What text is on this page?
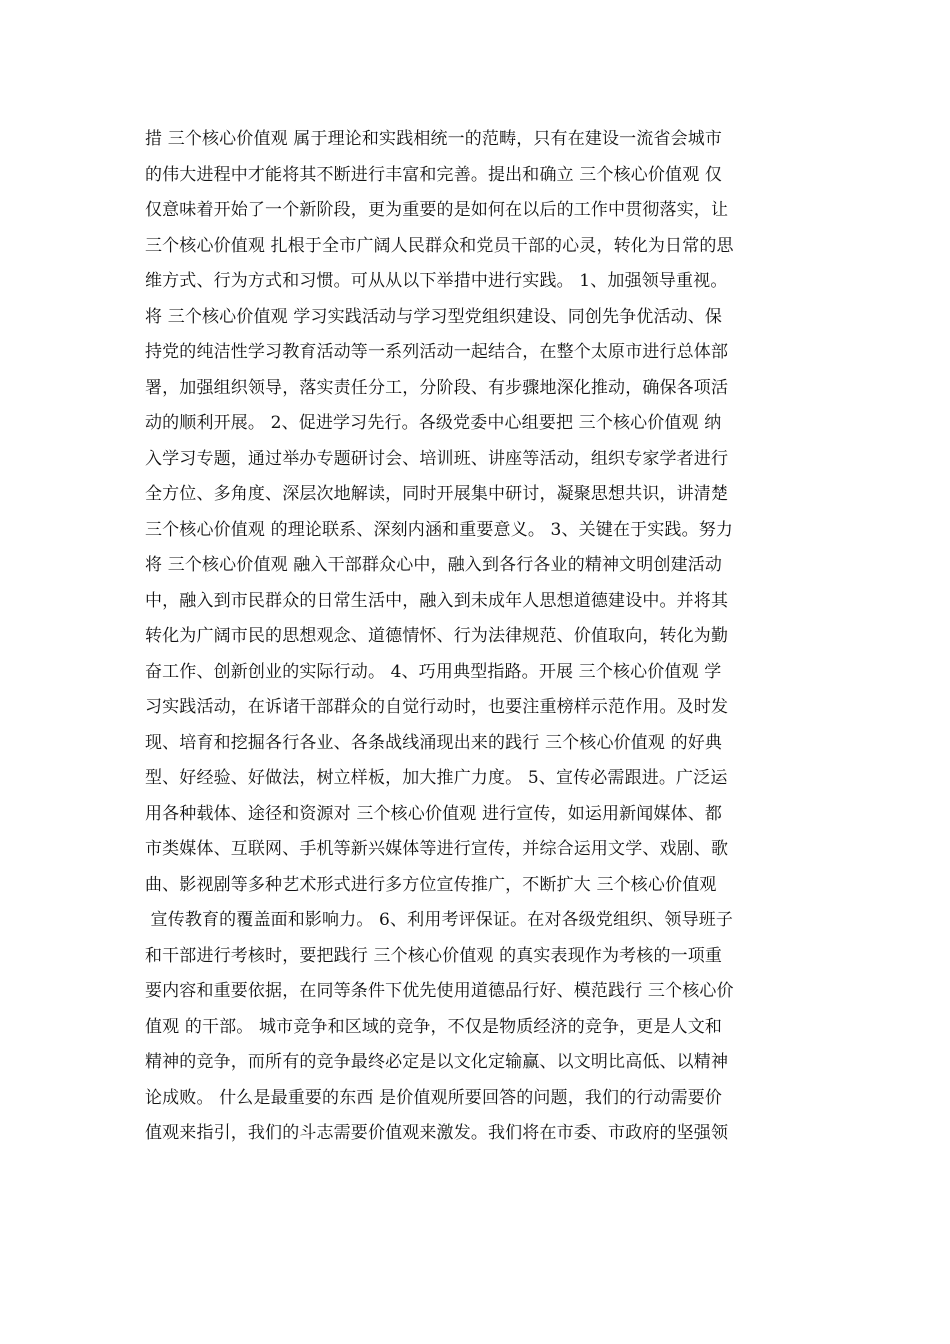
措 三个核心价值观 属于理论和实践相统一的范畴，只有在建设一流省会城市
的伟大进程中才能将其不断进行丰富和完善。提出和确立 三个核心价值观 仅
仅意味着开始了一个新阶段，更为重要的是如何在以后的工作中贯彻落实，让
三个核心价值观 扎根于全市广阔人民群众和党员干部的心灵，转化为日常的思
维方式、行为方式和习惯。可从从以下举措中进行实践。 1、加强领导重视。
将 三个核心价值观 学习实践活动与学习型党组织建设、同创先争优活动、保
持党的纯洁性学习教育活动等一系列活动一起结合，在整个太原市进行总体部
署，加强组织领导，落实责任分工，分阶段、有步骤地深化推动，确保各项活
动的顺利开展。 2、促进学习先行。各级党委中心组要把 三个核心价值观 纳
入学习专题，通过举办专题研讨会、培训班、讲座等活动，组织专家学者进行
全方位、多角度、深层次地解读，同时开展集中研讨，凝聚思想共识，讲清楚
三个核心价值观 的理论联系、深刻内涵和重要意义。 3、关键在于实践。努力
将 三个核心价值观 融入干部群众心中，融入到各行各业的精神文明创建活动
中，融入到市民群众的日常生活中，融入到未成年人思想道德建设中。并将其
转化为广阔市民的思想观念、道德情怀、行为法律规范、价值取向，转化为勤
奋工作、创新创业的实际行动。 4、巧用典型指路。开展 三个核心价值观 学
习实践活动，在诉诸干部群众的自觉行动时，也要注重榜样示范作用。及时发
现、培育和挖掘各行各业、各条战线涌现出来的践行 三个核心价值观 的好典
型、好经验、好做法，树立样板，加大推广力度。 5、宣传必需跟进。广泛运
用各种载体、途径和资源对 三个核心价值观 进行宣传，如运用新闻媒体、都
市类媒体、互联网、手机等新兴媒体等进行宣传，并综合运用文学、戏剧、歌
曲、影视剧等多种艺术形式进行多方位宣传推广，不断扩大 三个核心价值观
宣传教育的覆盖面和影响力。 6、利用考评保证。在对各级党组织、领导班子
和干部进行考核时，要把践行 三个核心价值观 的真实表现作为考核的一项重
要内容和重要依据，在同等条件下优先使用道德品行好、模范践行 三个核心价
值观 的干部。 城市竞争和区域的竞争，不仅是物质经济的竞争，更是人文和
精神的竞争，而所有的竞争最终必定是以文化定输赢、以文明比高低、以精神
论成败。 什么是最重要的东西 是价值观所要回答的问题，我们的行动需要价
值观来指引，我们的斗志需要价值观来激发。我们将在市委、市政府的坚强领
